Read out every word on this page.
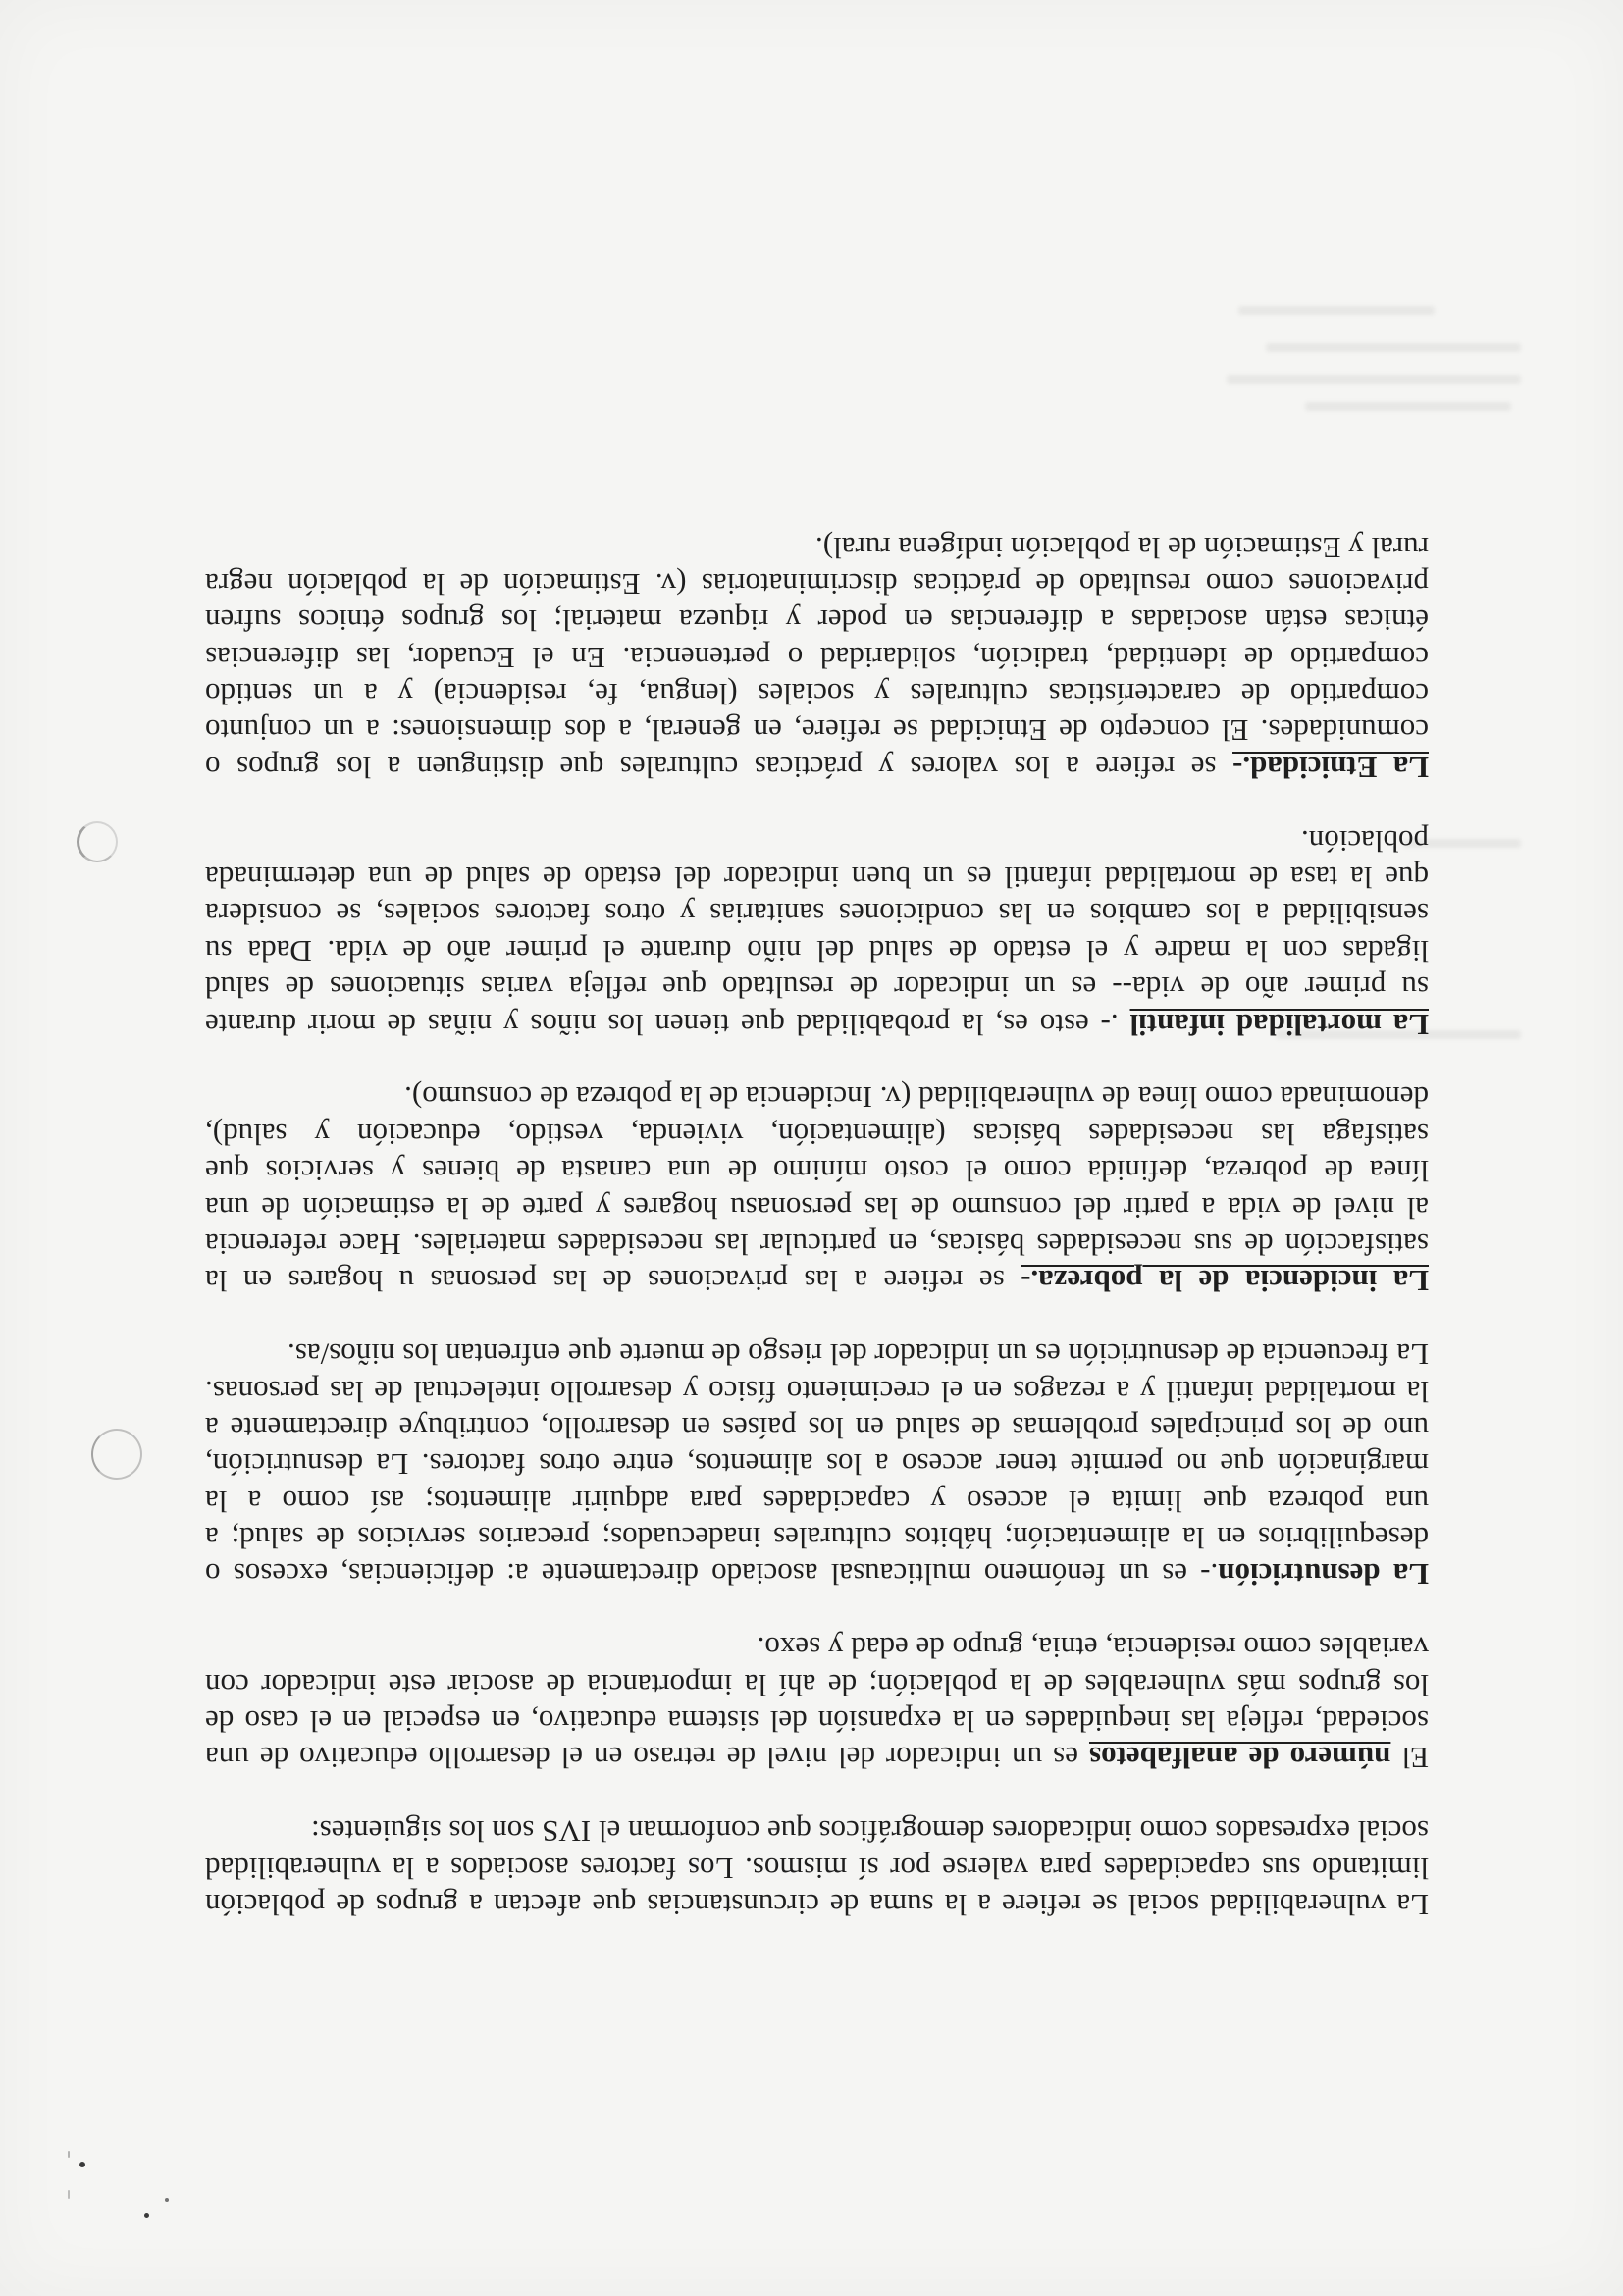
La vulnerabilidad social se refiere a la suma de circunstancias que afectan a grupos de población
limitando sus capacidades para valerse por sí mismos. Los factores asociados a la vulnerabilidad
social expresados como indicadores demográficos que conforman el IVS son los siguientes:
El número de analfabetos es un indicador del nivel de retraso en el desarrollo educativo de una
sociedad, refleja las inequidades en la expansión del sistema educativo, en especial en el caso de
los grupos más vulnerables de la población; de ahí la importancia de asociar este indicador con
variables como residencia, etnia, grupo de edad y sexo.
La desnutrición.- es un fenómeno multicausal asociado directamente a: deficiencias, excesos o
desequilibrios en la alimentación; hábitos culturales inadecuados; precarios servicios de salud; a
una pobreza que limita el acceso y capacidades para adquirir alimentos; así como a la
marginación que no permite tener acceso a los alimentos, entre otros factores. La desnutrición,
uno de los principales problemas de salud en los países en desarrollo, contribuye directamente a
la mortalidad infantil y a rezagos en el crecimiento físico y desarrollo intelectual de las personas.
La frecuencia de desnutrición es un indicador del riesgo de muerte que enfrentan los niños/as.
La incidencia de la pobreza.- se refiere a las privaciones de las personas u hogares en la
satisfacción de sus necesidades básicas, en particular las necesidades materiales. Hace referencia
al nivel de vida a partir del consumo de las personasu hogares y parte de la estimación de una
línea de pobreza, definida como el costo mínimo de una canasta de bienes y servicios que
satisfaga las necesidades básicas (alimentación, vivienda, vestido, educación y salud),
denominada como línea de vulnerabilidad (v. Incidencia de la pobreza de consumo).
La mortalidad infantil .- esto es, la probabilidad que tienen los niños y niñas de morir durante
su primer año de vida-- es un indicador de resultado que refleja varias situaciones de salud
ligadas con la madre y el estado de salud del niño durante el primer año de vida. Dada su
sensibilidad a los cambios en las condiciones sanitarias y otros factores sociales, se considera
que la tasa de mortalidad infantil es un buen indicador del estado de salud de una determinada
población.
La Etnicidad.- se refiere a los valores y prácticas culturales que distinguen a los grupos o
comunidades. El concepto de Etnicidad se refiere, en general, a dos dimensiones: a un conjunto
compartido de características culturales y sociales (lengua, fe, residencia) y a un sentido
compartido de identidad, tradición, solidaridad o pertenencia. En el Ecuador, las diferencias
étnicas están asociadas a diferencias en poder y riqueza material; los grupos étnicos sufren
privaciones como resultado de prácticas discriminatorias (v. Estimación de la población negra
rural y Estimación de la población indígena rural).
